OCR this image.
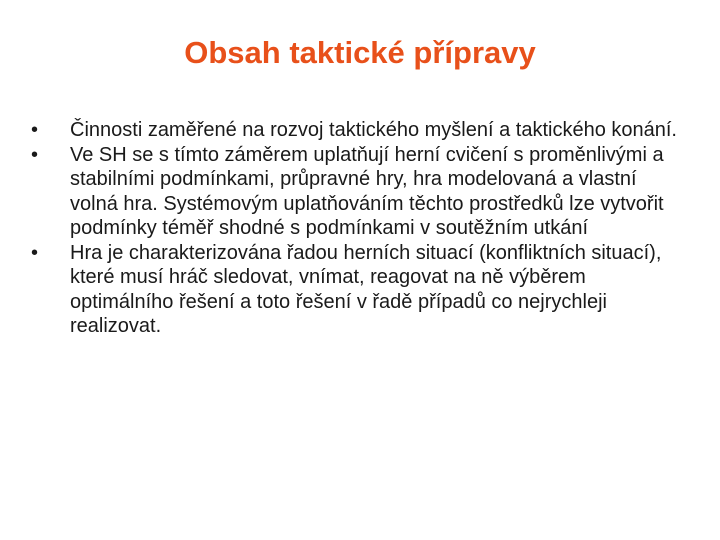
Obsah taktické přípravy
•	Činnosti zaměřené na rozvoj taktického myšlení a taktického konání.
•	Ve SH se s tímto záměrem uplatňují herní cvičení s proměnlivými a stabilními podmínkami, průpravné hry, hra modelovaná a vlastní volná hra. Systémovým uplatňováním těchto prostředků lze vytvořit podmínky téměř shodné s podmínkami v soutěžním utkání
•	Hra je charakterizována řadou herních situací (konfliktních situací), které musí hráč sledovat, vnímat, reagovat na ně výběrem optimálního řešení a toto řešení v řadě případů co nejrychleji realizovat.
